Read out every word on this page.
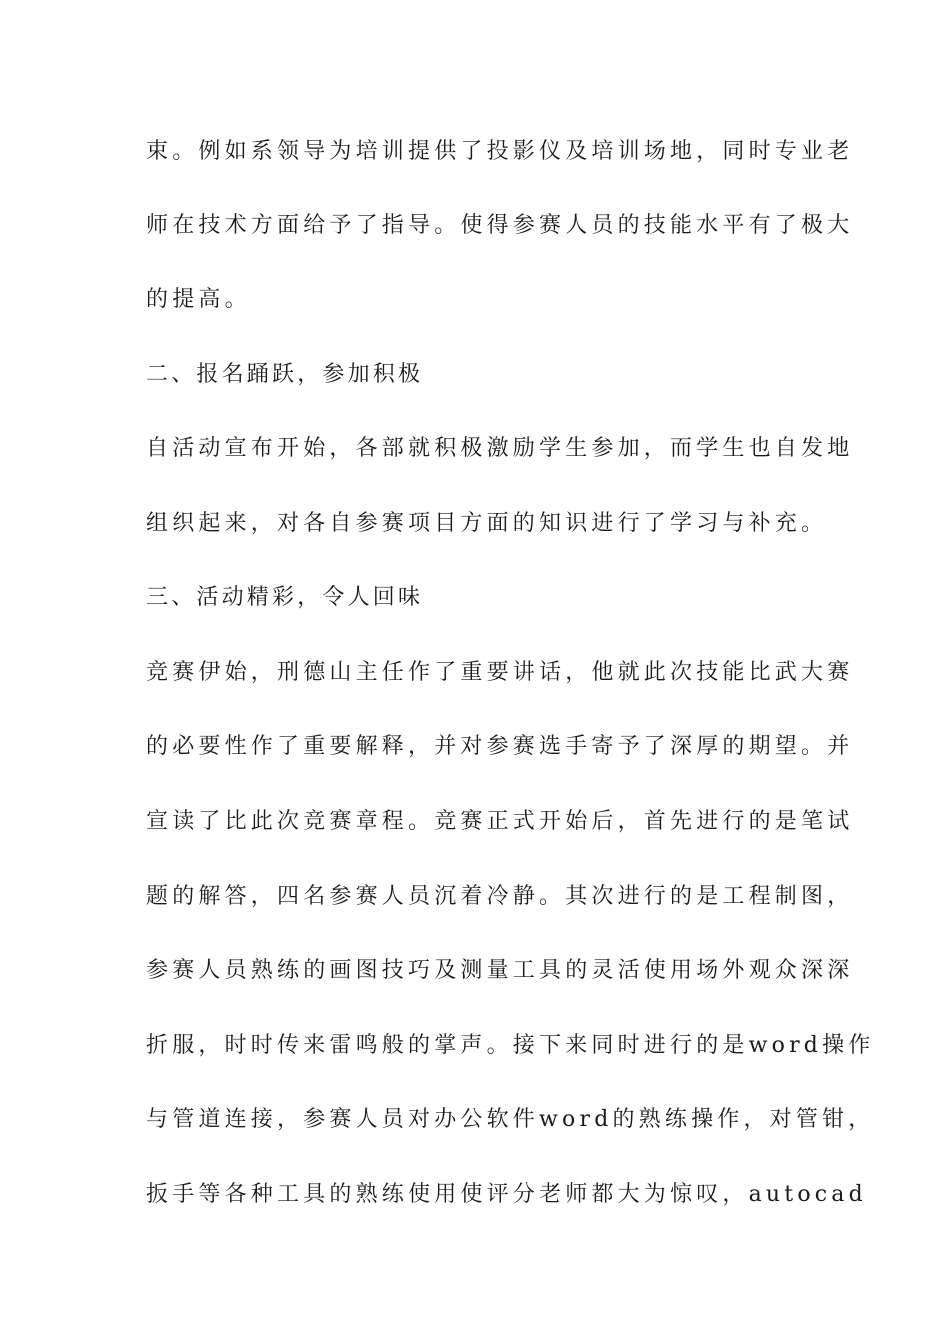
束。例如系领导为培训提供了投影仪及培训场地，同时专业老
师在技术方面给予了指导。使得参赛人员的技能水平有了极大
的提高。
二、报名踊跃，参加积极
自活动宣布开始，各部就积极激励学生参加，而学生也自发地
组织起来，对各自参赛项目方面的知识进行了学习与补充。
三、活动精彩，令人回味
竞赛伊始，刑德山主任作了重要讲话，他就此次技能比武大赛
的必要性作了重要解释，并对参赛选手寄予了深厚的期望。并
宣读了比此次竞赛章程。竞赛正式开始后，首先进行的是笔试
题的解答，四名参赛人员沉着冷静。其次进行的是工程制图，
参赛人员熟练的画图技巧及测量工具的灵活使用场外观众深深
折服，时时传来雷鸣般的掌声。接下来同时进行的是word操作
与管道连接，参赛人员对办公软件word的熟练操作，对管钳，
扳手等各种工具的熟练使用使评分老师都大为惊叹，autocad
